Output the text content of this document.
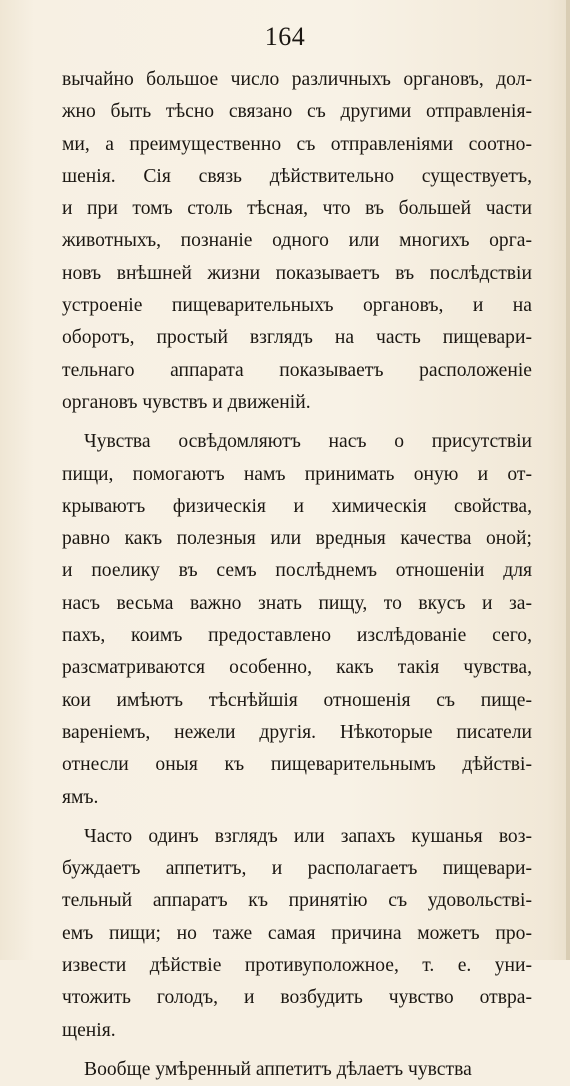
164
вычайно большое число различныхъ органовъ, дол-
жно быть тѣсно связано съ другими отправленія-
ми, а преимущественно съ отправленіями соотно-
шенія. Сія связь дѣйствительно существуетъ,
и при томъ столь тѣсная, что въ большей части
животныхъ, познаніе одного или многихъ орга-
новъ внѣшней жизни показываетъ въ послѣдствіи
устроеніе пищеварительныхъ органовъ, и на
оборотъ, простый взглядъ на часть пищевари-
тельнаго аппарата показываетъ расположеніе
органовъ чувствъ и движеній.
Чувства освѣдомляютъ насъ о присутствіи
пищи, помогаютъ намъ принимать оную и от-
крываютъ физическія и химическія свойства,
равно какъ полезныя или вредныя качества оной;
и поелику въ семъ послѣднемъ отношеніи для
насъ весьма важно знать пищу, то вкусъ и за-
пахъ, коимъ предоставлено изслѣдованіе сего,
разсматриваются особенно, какъ такія чувства,
кои имѣютъ тѣснѣйшія отношенія съ пище-
вареніемъ, нежели другія. Нѣкоторые писатели
отнесли оныя къ пищеварительнымъ дѣйствi-
ямъ.
Часто одинъ взглядъ или запахъ кушанья воз-
буждаетъ аппетитъ, и располагаетъ пищевари-
тельный аппаратъ къ принятію съ удовольствi-
емъ пищи; но таже самая причина можетъ про-
извести дѣйствіе противуположное, т. е. уни-
чтожить голодъ, и возбудить чувство отвра-
щенія.
Вообще умѣренный аппетитъ дѣлаетъ чувства
